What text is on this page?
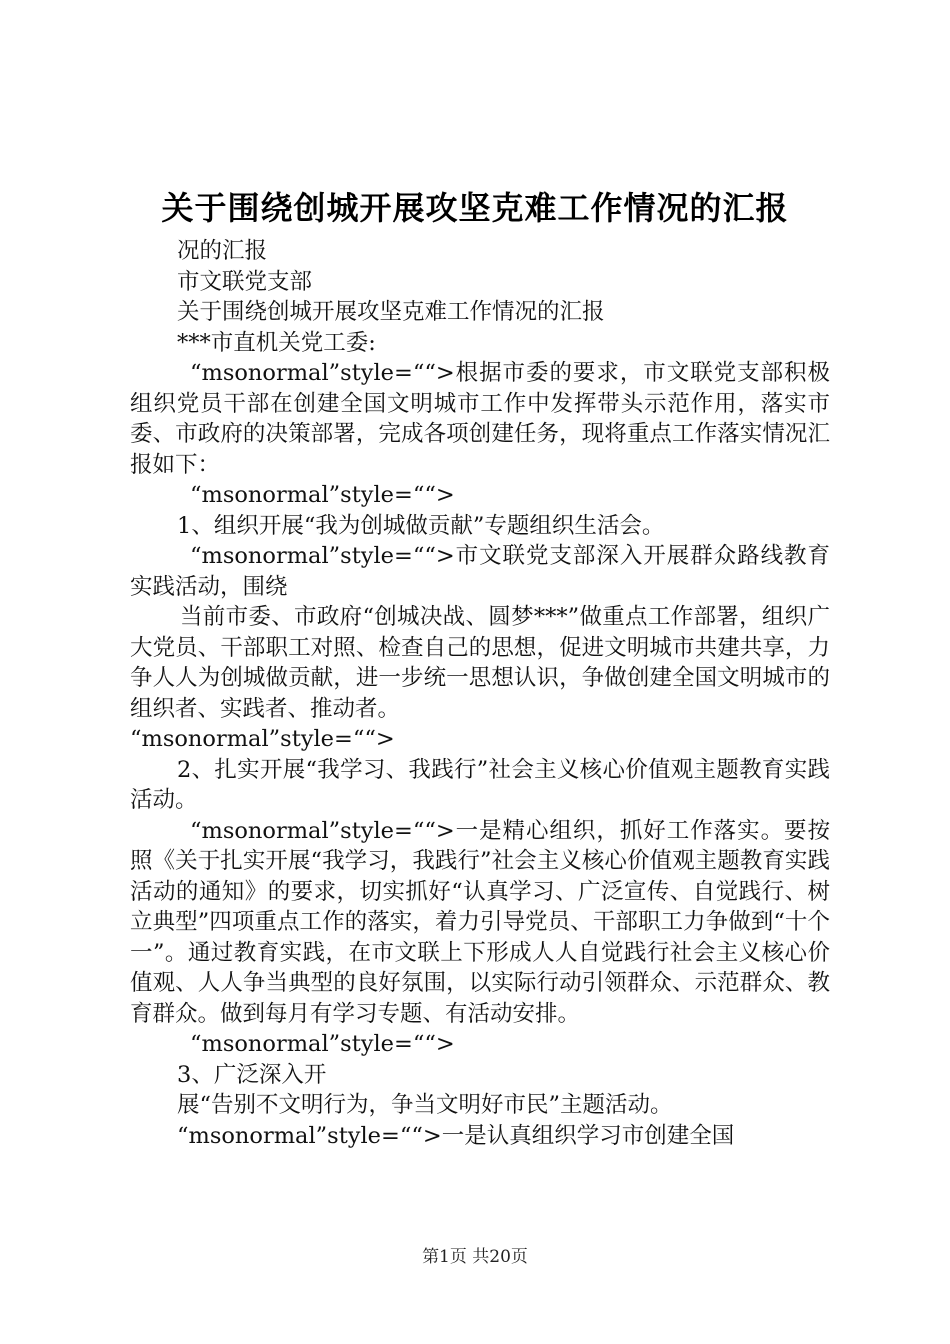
关于围绕创城开展攻坚克难工作情况的汇报

况的汇报

市文联党支部

关于围绕创城开展攻坚克难工作情况的汇报

***市直机关党工委:

“msonormal”style=““>根据市委的要求，市文联党支部积极组织党员干部在创建全国文明城市工作中发挥带头示范作用，落实市委、市政府的决策部署，完成各项创建任务，现将重点工作落实情况汇报如下：

“msonormal”style=““>

1、组织开展“我为创城做贡献”专题组织生活会。

“msonormal”style=““>市文联党支部深入开展群众路线教育实践活动，围绕

当前市委、市政府“创城决战、圆梦***”做重点工作部署，组织广大党员、干部职工对照、检查自己的思想，促进文明城市共建共享，力争人人为创城做贡献，进一步统一思想认识，争做创建全国文明城市的组织者、实践者、推动者。

“msonormal”style=““>

2、扎实开展“我学习、我践行”社会主义核心价值观主题教育实践活动。

“msonormal”style=““>一是精心组织，抓好工作落实。要按照《关于扎实开展“我学习，我践行”社会主义核心价值观主题教育实践活动的通知》的要求，切实抓好“认真学习、广泛宣传、自觉践行、树立典型”四项重点工作的落实，着力引导党员、干部职工力争做到“十个一”。通过教育实践，在市文联上下形成人人自觉践行社会主义核心价值观、人人争当典型的良好氛围，以实际行动引领群众、示范群众、教育群众。做到每月有学习专题、有活动安排。

“msonormal”style=““>

3、广泛深入开

展“告别不文明行为，争当文明好市民”主题活动。

“msonormal”style=““>一是认真组织学习市创建全国

第1页 共20页
